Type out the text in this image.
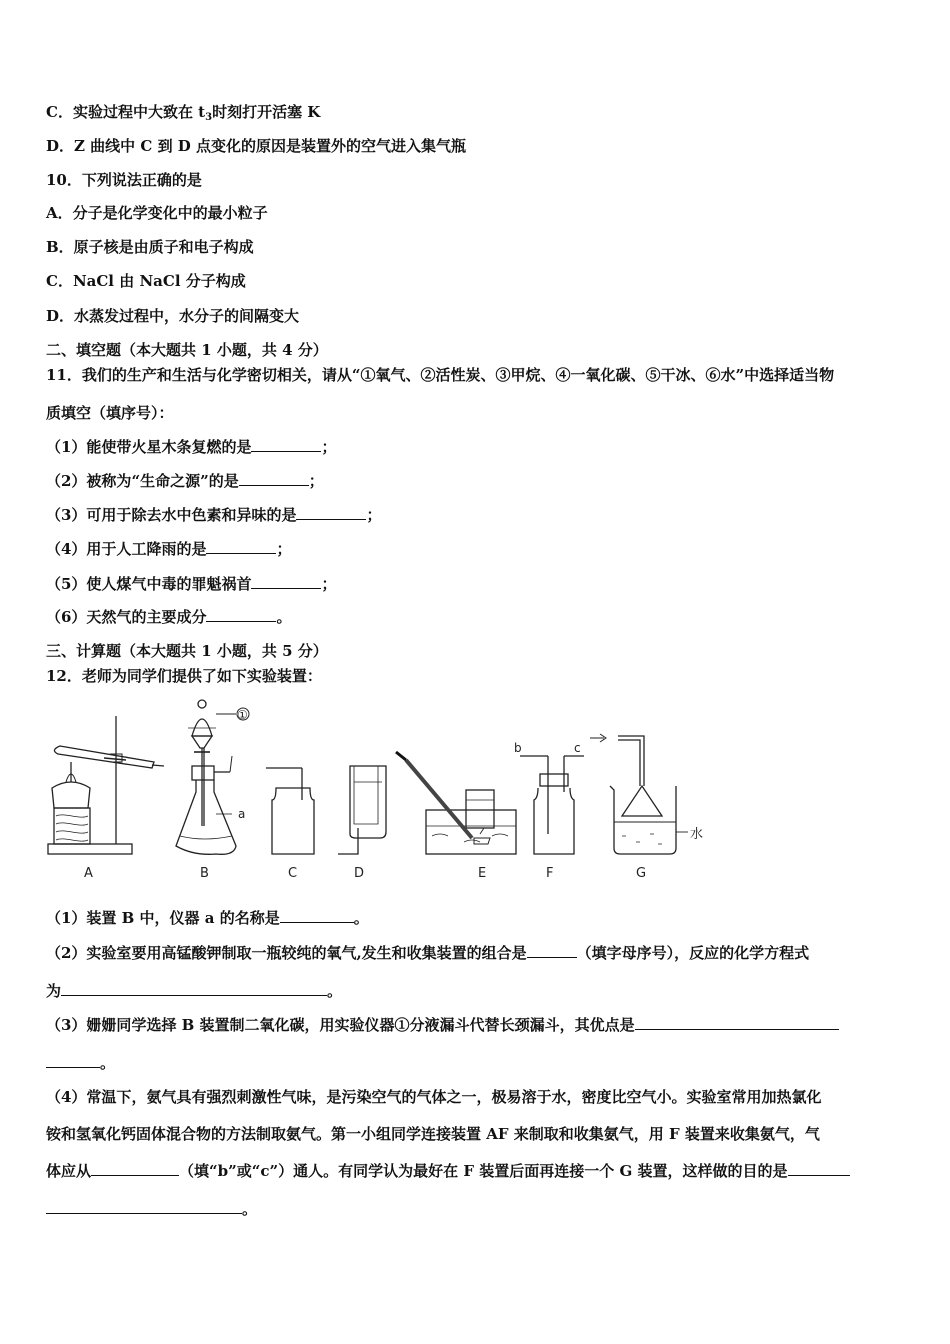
C．实验过程中大致在 $t_3$时刻打开活塞 K
D．Z 曲线中 C 到 D 点变化的原因是装置外的空气进入集气瓶
10．下列说法正确的是
A．分子是化学变化中的最小粒子
B．原子核是由质子和电子构成
C．NaCl 由 NaCl 分子构成
D．水蒸发过程中，水分子的间隔变大
二、填空题（本大题共 1 小题，共 4 分）
11．我们的生产和生活与化学密切相关，请从“①氧气、②活性炭、③甲烷、④一氧化碳、⑤干冰、⑥水”中选择适当物
质填空（填序号）：
（1）能使带火星木条复燃的是	；
（2）被称为“生命之源”的是	；
（3）可用于除去水中色素和异味的是	；
（4）用于人工降雨的是	；
（5）使人煤气中毒的罪魁祸首	；
（6）天然气的主要成分	。
三、计算题（本大题共 1 小题，共 5 分）
12．老师为同学们提供了如下实验装置：
A
a
①
B	C	D	E
b	c
F
水
G
（1）装置 B 中，仪器 a 的名称是	。
（2）实验室要用高锰酸钾制取一瓶较纯的氧气,发生和收集装置的组合是	（填字母序号），反应的化学方程式
为	。
（3）姗姗同学选择 B 装置制二氧化碳，用实验仪器①分液漏斗代替长颈漏斗，其优点是
。
（4）常温下，氨气具有强烈刺激性气味，是污染空气的气体之一，极易溶于水，密度比空气小。实验室常用加热氯化
铵和氢氧化钙固体混合物的方法制取氨气。第一小组同学连接装置 AF 来制取和收集氨气，用 F 装置来收集氨气，气
体应从	（填“b”或“c”）通人。有同学认为最好在 F 装置后面再连接一个 G 装置，这样做的目的是
。
